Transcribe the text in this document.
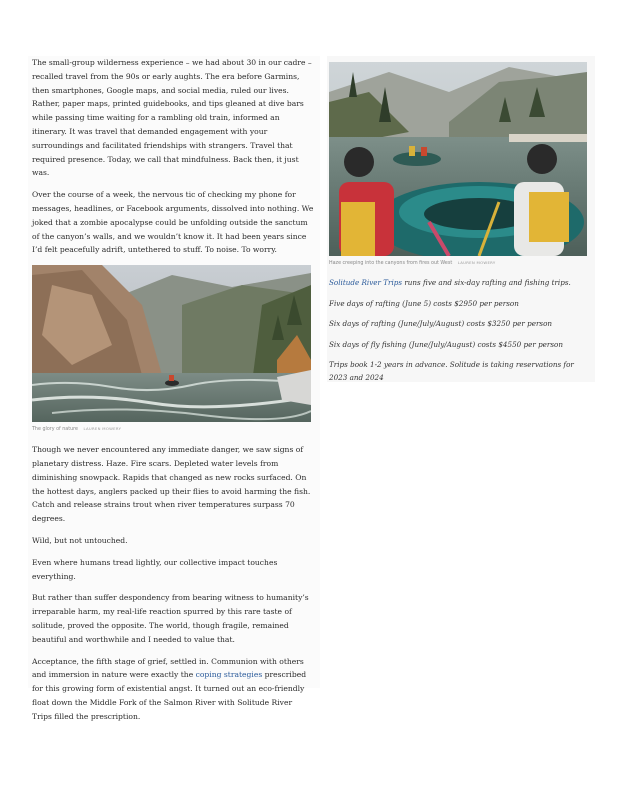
The small-group wilderness experience – we had about 30 in our cadre – recalled travel from the 90s or early aughts. The era before Garmins, then smartphones, Google maps, and social media, ruled our lives. Rather, paper maps, printed guidebooks, and tips gleaned at dive bars while passing time waiting for a rambling old train, informed an itinerary. It was travel that demanded engagement with your surroundings and facilitated friendships with strangers. Travel that required presence. Today, we call that mindfulness. Back then, it just was.

Over the course of a week, the nervous tic of checking my phone for messages, headlines, or Facebook arguments, dissolved into nothing. We joked that a zombie apocalypse could be unfolding outside the sanctum of the canyon’s walls, and we wouldn’t know it. It had been years since I’d felt peacefully adrift, untethered to stuff. To noise. To worry.

The glory of nature LAUREN MOWERY

Though we never encountered any immediate danger, we saw signs of planetary distress. Haze. Fire scars. Depleted water levels from diminishing snowpack. Rapids that changed as new rocks surfaced. On the hottest days, anglers packed up their flies to avoid harming the fish. Catch and release strains trout when river temperatures surpass 70 degrees.

Wild, but not untouched.

Even where humans tread lightly, our collective impact touches everything.

But rather than suffer despondency from bearing witness to humanity’s irreparable harm, my real-life reaction spurred by this rare taste of solitude, proved the opposite. The world, though fragile, remained beautiful and worthwhile and I needed to value that.

Acceptance, the fifth stage of grief, settled in. Communion with others and immersion in nature were exactly the coping strategies prescribed for this growing form of existential angst. It turned out an eco-friendly float down the Middle Fork of the Salmon River with Solitude River Trips filled the prescription.

Haze creeping into the canyons from fires out West LAUREN MOWERY

Solitude River Trips runs five and six-day rafting and fishing trips.

Five days of rafting (June 5) costs $2950 per person

Six days of rafting (June/July/August) costs $3250 per person

Six days of fly fishing (June/July/August) costs $4550 per person

Trips book 1-2 years in advance. Solitude is taking reservations for 2023 and 2024
